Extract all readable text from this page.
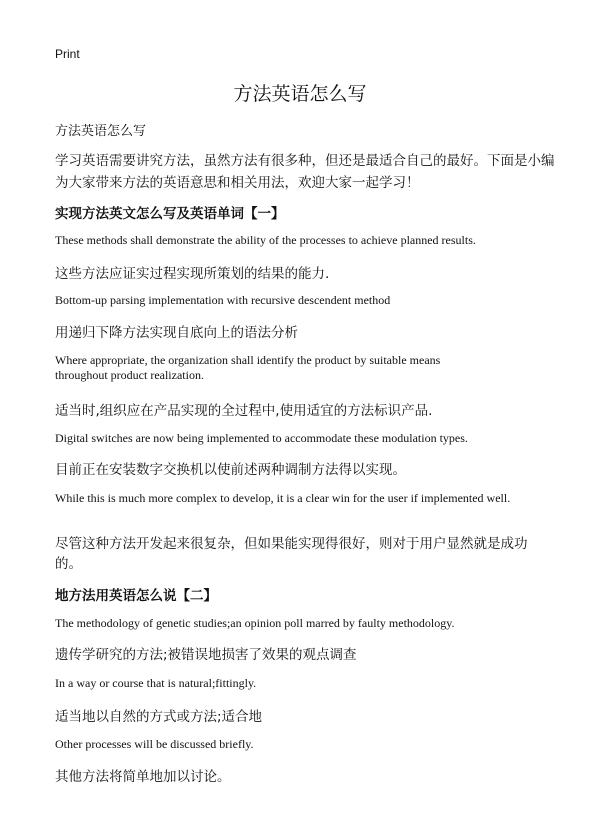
Print
方法英语怎么写
方法英语怎么写

学习英语需要讲究方法，虽然方法有很多种，但还是最适合自己的最好。下面是小编为大家带来方法的英语意思和相关用法，欢迎大家一起学习！

实现方法英文怎么写及英语单词【一】
These methods shall demonstrate the ability of the processes to achieve planned results.
这些方法应证实过程实现所策划的结果的能力.
Bottom-up parsing implementation with recursive descendent method
用递归下降方法实现自底向上的语法分析
Where appropriate, the organization shall identify the product by suitable means throughout product realization.
适当时,组织应在产品实现的全过程中,使用适宜的方法标识产品.
Digital switches are now being implemented to accommodate these modulation types.
目前正在安装数字交换机以使前述两种调制方法得以实现。
While this is much more complex to develop, it is a clear win for the user if implemented well.
尽管这种方法开发起来很复杂，但如果能实现得很好，则对于用户显然就是成功的。
地方法用英语怎么说【二】
The methodology of genetic studies;an opinion poll marred by faulty methodology.
遗传学研究的方法;被错误地损害了效果的观点调查
In a way or course that is natural;fittingly.
适当地以自然的方式或方法;适合地
Other processes will be discussed briefly.
其他方法将简单地加以讨论。
